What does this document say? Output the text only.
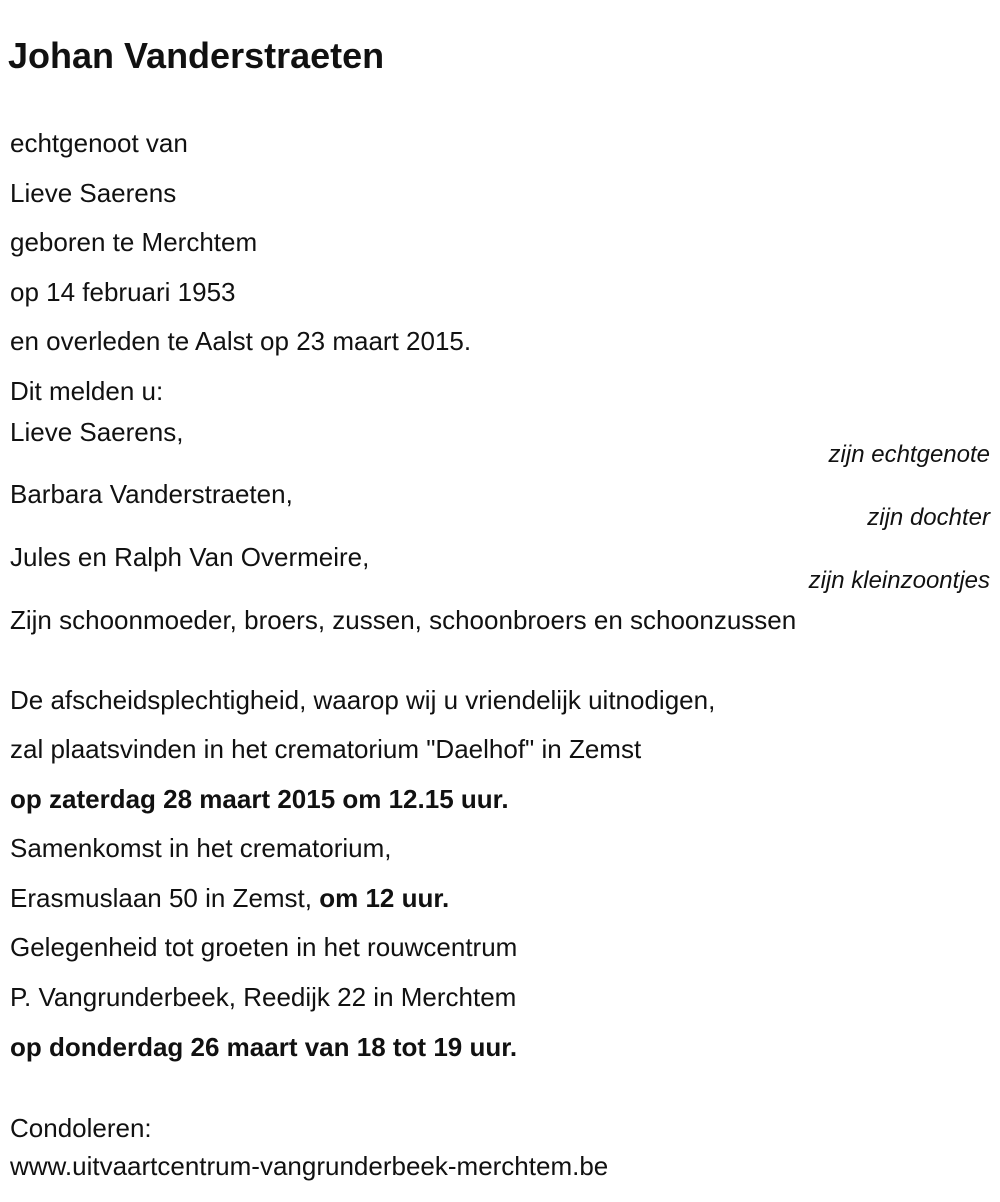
Johan Vanderstraeten
echtgenoot van
Lieve Saerens
geboren te Merchtem
op 14 februari 1953
en overleden te Aalst op 23 maart 2015.
Dit melden u:
Lieve Saerens,
zijn echtgenote
Barbara Vanderstraeten,
zijn dochter
Jules en Ralph Van Overmeire,
zijn kleinzoontjes
Zijn schoonmoeder, broers, zussen, schoonbroers en schoonzussen
De afscheidsplechtigheid, waarop wij u vriendelijk uitnodigen,
zal plaatsvinden in het crematorium "Daelhof" in Zemst
op zaterdag 28 maart 2015 om 12.15 uur.
Samenkomst in het crematorium,
Erasmuslaan 50 in Zemst, om 12 uur.
Gelegenheid tot groeten in het rouwcentrum
P. Vangrunderbeek, Reedijk 22 in Merchtem
op donderdag 26 maart van 18 tot 19 uur.
Condoleren:
www.uitvaartcentrum-vangrunderbeek-merchtem.be
